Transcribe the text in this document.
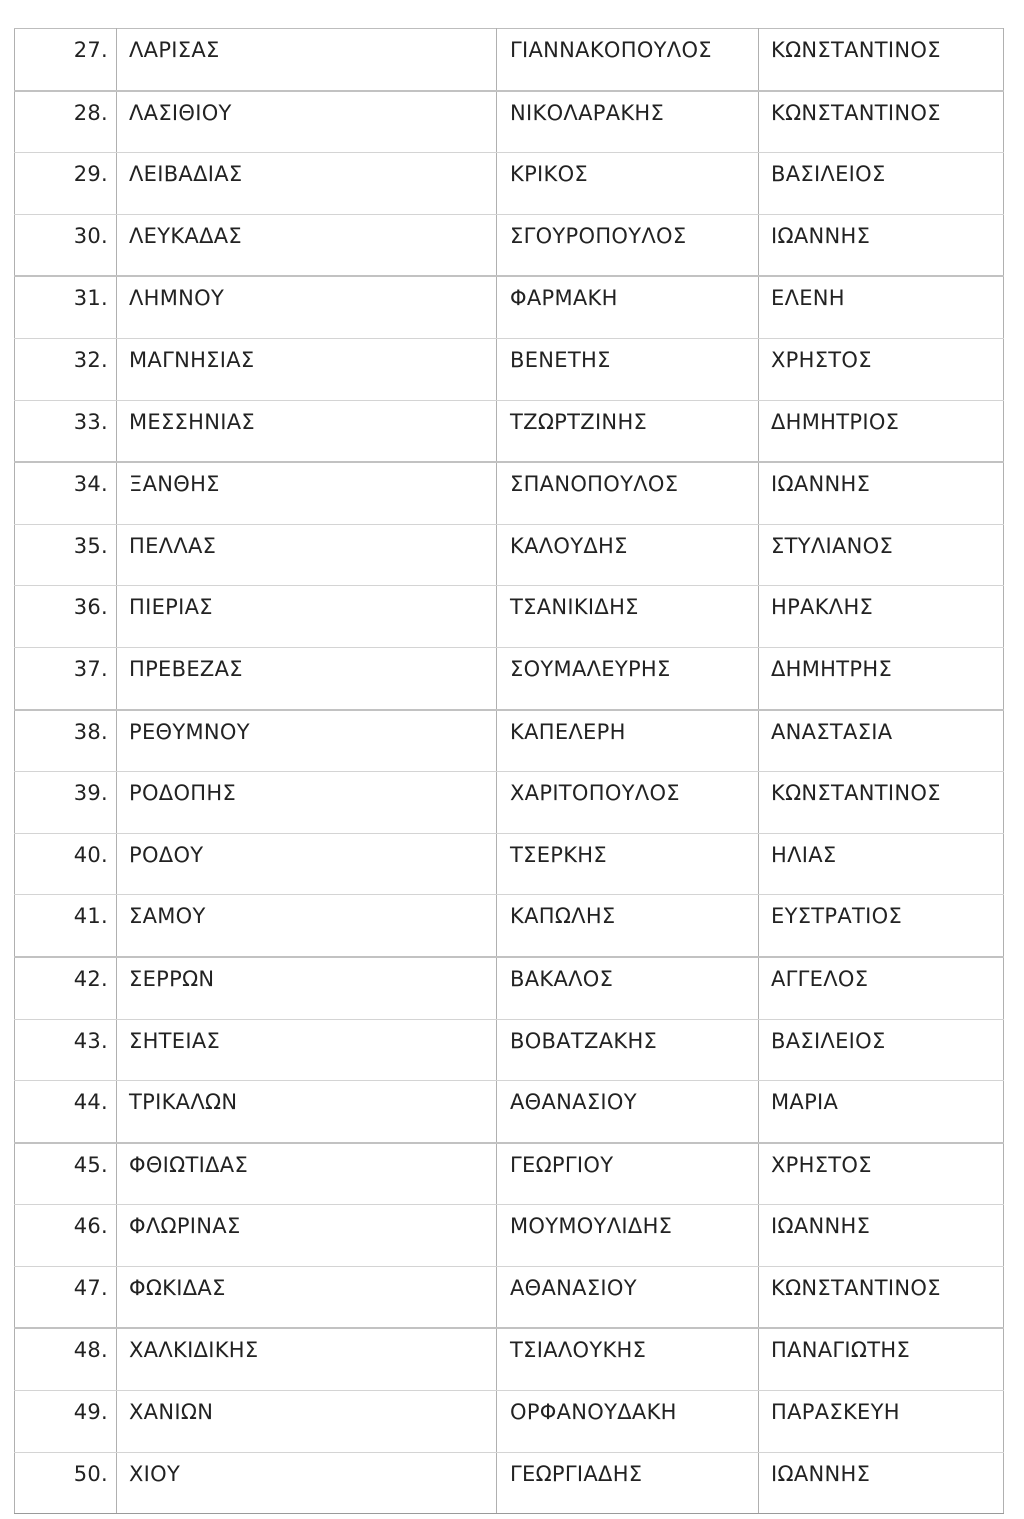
27.	ΛΑΡΙΣΑΣ	ΓΙΑΝΝΑΚΟΠΟΥΛΟΣ	ΚΩΝΣΤΑΝΤΙΝΟΣ

28.	ΛΑΣΙΘΙΟΥ	ΝΙΚΟΛΑΡΑΚΗΣ	ΚΩΝΣΤΑΝΤΙΝΟΣ

29.	ΛΕΙΒΑΔΙΑΣ	ΚΡΙΚΟΣ	ΒΑΣΙΛΕΙΟΣ

30.	ΛΕΥΚΑΔΑΣ	ΣΓΟΥΡΟΠΟΥΛΟΣ	ΙΩΑΝΝΗΣ

31.	ΛΗΜΝΟΥ	ΦΑΡΜΑΚΗ	ΕΛΕΝΗ

32.	ΜΑΓΝΗΣΙΑΣ	ΒΕΝΕΤΗΣ	ΧΡΗΣΤΟΣ

33.	ΜΕΣΣΗΝΙΑΣ	ΤΖΩΡΤΖΙΝΗΣ	ΔΗΜΗΤΡΙΟΣ

34.	ΞΑΝΘΗΣ	ΣΠΑΝΟΠΟΥΛΟΣ	ΙΩΑΝΝΗΣ

35.	ΠΕΛΛΑΣ	ΚΑΛΟΥΔΗΣ	ΣΤΥΛΙΑΝΟΣ

36.	ΠΙΕΡΙΑΣ	ΤΣΑΝΙΚΙΔΗΣ	ΗΡΑΚΛΗΣ

37.	ΠΡΕΒΕΖΑΣ	ΣΟΥΜΑΛΕΥΡΗΣ	ΔΗΜΗΤΡΗΣ

38.	ΡΕΘΥΜΝΟΥ	ΚΑΠΕΛΕΡΗ	ΑΝΑΣΤΑΣΙΑ

39.	ΡΟΔΟΠΗΣ	ΧΑΡΙΤΟΠΟΥΛΟΣ	ΚΩΝΣΤΑΝΤΙΝΟΣ

40.	ΡΟΔΟΥ	ΤΣΕΡΚΗΣ	ΗΛΙΑΣ

41.	ΣΑΜΟΥ	ΚΑΠΩΛΗΣ	ΕΥΣΤΡΑΤΙΟΣ

42.	ΣΕΡΡΩΝ	ΒΑΚΑΛΟΣ	ΑΓΓΕΛΟΣ

43.	ΣΗΤΕΙΑΣ	ΒΟΒΑΤΖΑΚΗΣ	ΒΑΣΙΛΕΙΟΣ

44.	ΤΡΙΚΑΛΩΝ	ΑΘΑΝΑΣΙΟΥ	ΜΑΡΙΑ

45.	ΦΘΙΩΤΙΔΑΣ	ΓΕΩΡΓΙΟΥ	ΧΡΗΣΤΟΣ

46.	ΦΛΩΡΙΝΑΣ	ΜΟΥΜΟΥΛΙΔΗΣ	ΙΩΑΝΝΗΣ

47.	ΦΩΚΙΔΑΣ	ΑΘΑΝΑΣΙΟΥ	ΚΩΝΣΤΑΝΤΙΝΟΣ

48.	ΧΑΛΚΙΔΙΚΗΣ	ΤΣΙΑΛΟΥΚΗΣ	ΠΑΝΑΓΙΩΤΗΣ

49.	ΧΑΝΙΩΝ	ΟΡΦΑΝΟΥΔΑΚΗ	ΠΑΡΑΣΚΕΥΗ

50.	ΧΙΟΥ	ΓΕΩΡΓΙΑΔΗΣ	ΙΩΑΝΝΗΣ
